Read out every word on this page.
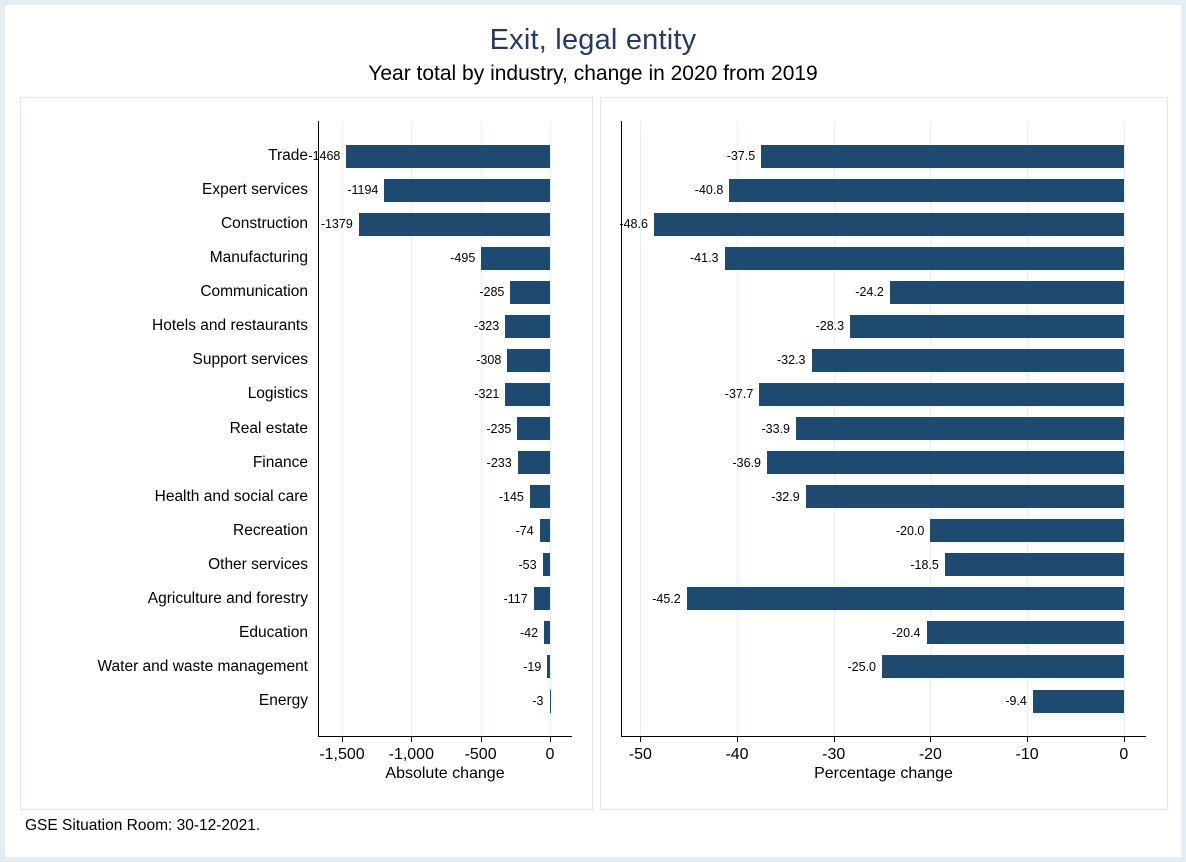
Exit, legal entity
Year total by industry, change in 2020 from 2019
-1,500	-1,000	-500	0
Absolute change
-1468
Trade
-1194
Expert services
-1379
Construction
-495
Manufacturing
-285
Communication
-323
Hotels and restaurants
-308
Support services
-321
Logistics
-235
Real estate
-233
Finance
-145
Health and social care
-74
Recreation
-53
Other services
-117
Agriculture and forestry
-42
Education
-19
Water and waste management
-3
Energy
-50	-40	-30	-20	-10	0
Percentage change
-37.5
-40.8
-48.6
-41.3
-24.2
-28.3
-32.3
-37.7
-33.9
-36.9
-32.9
-20.0
-18.5
-45.2
-20.4
-25.0
-9.4
GSE Situation Room: 30-12-2021.
